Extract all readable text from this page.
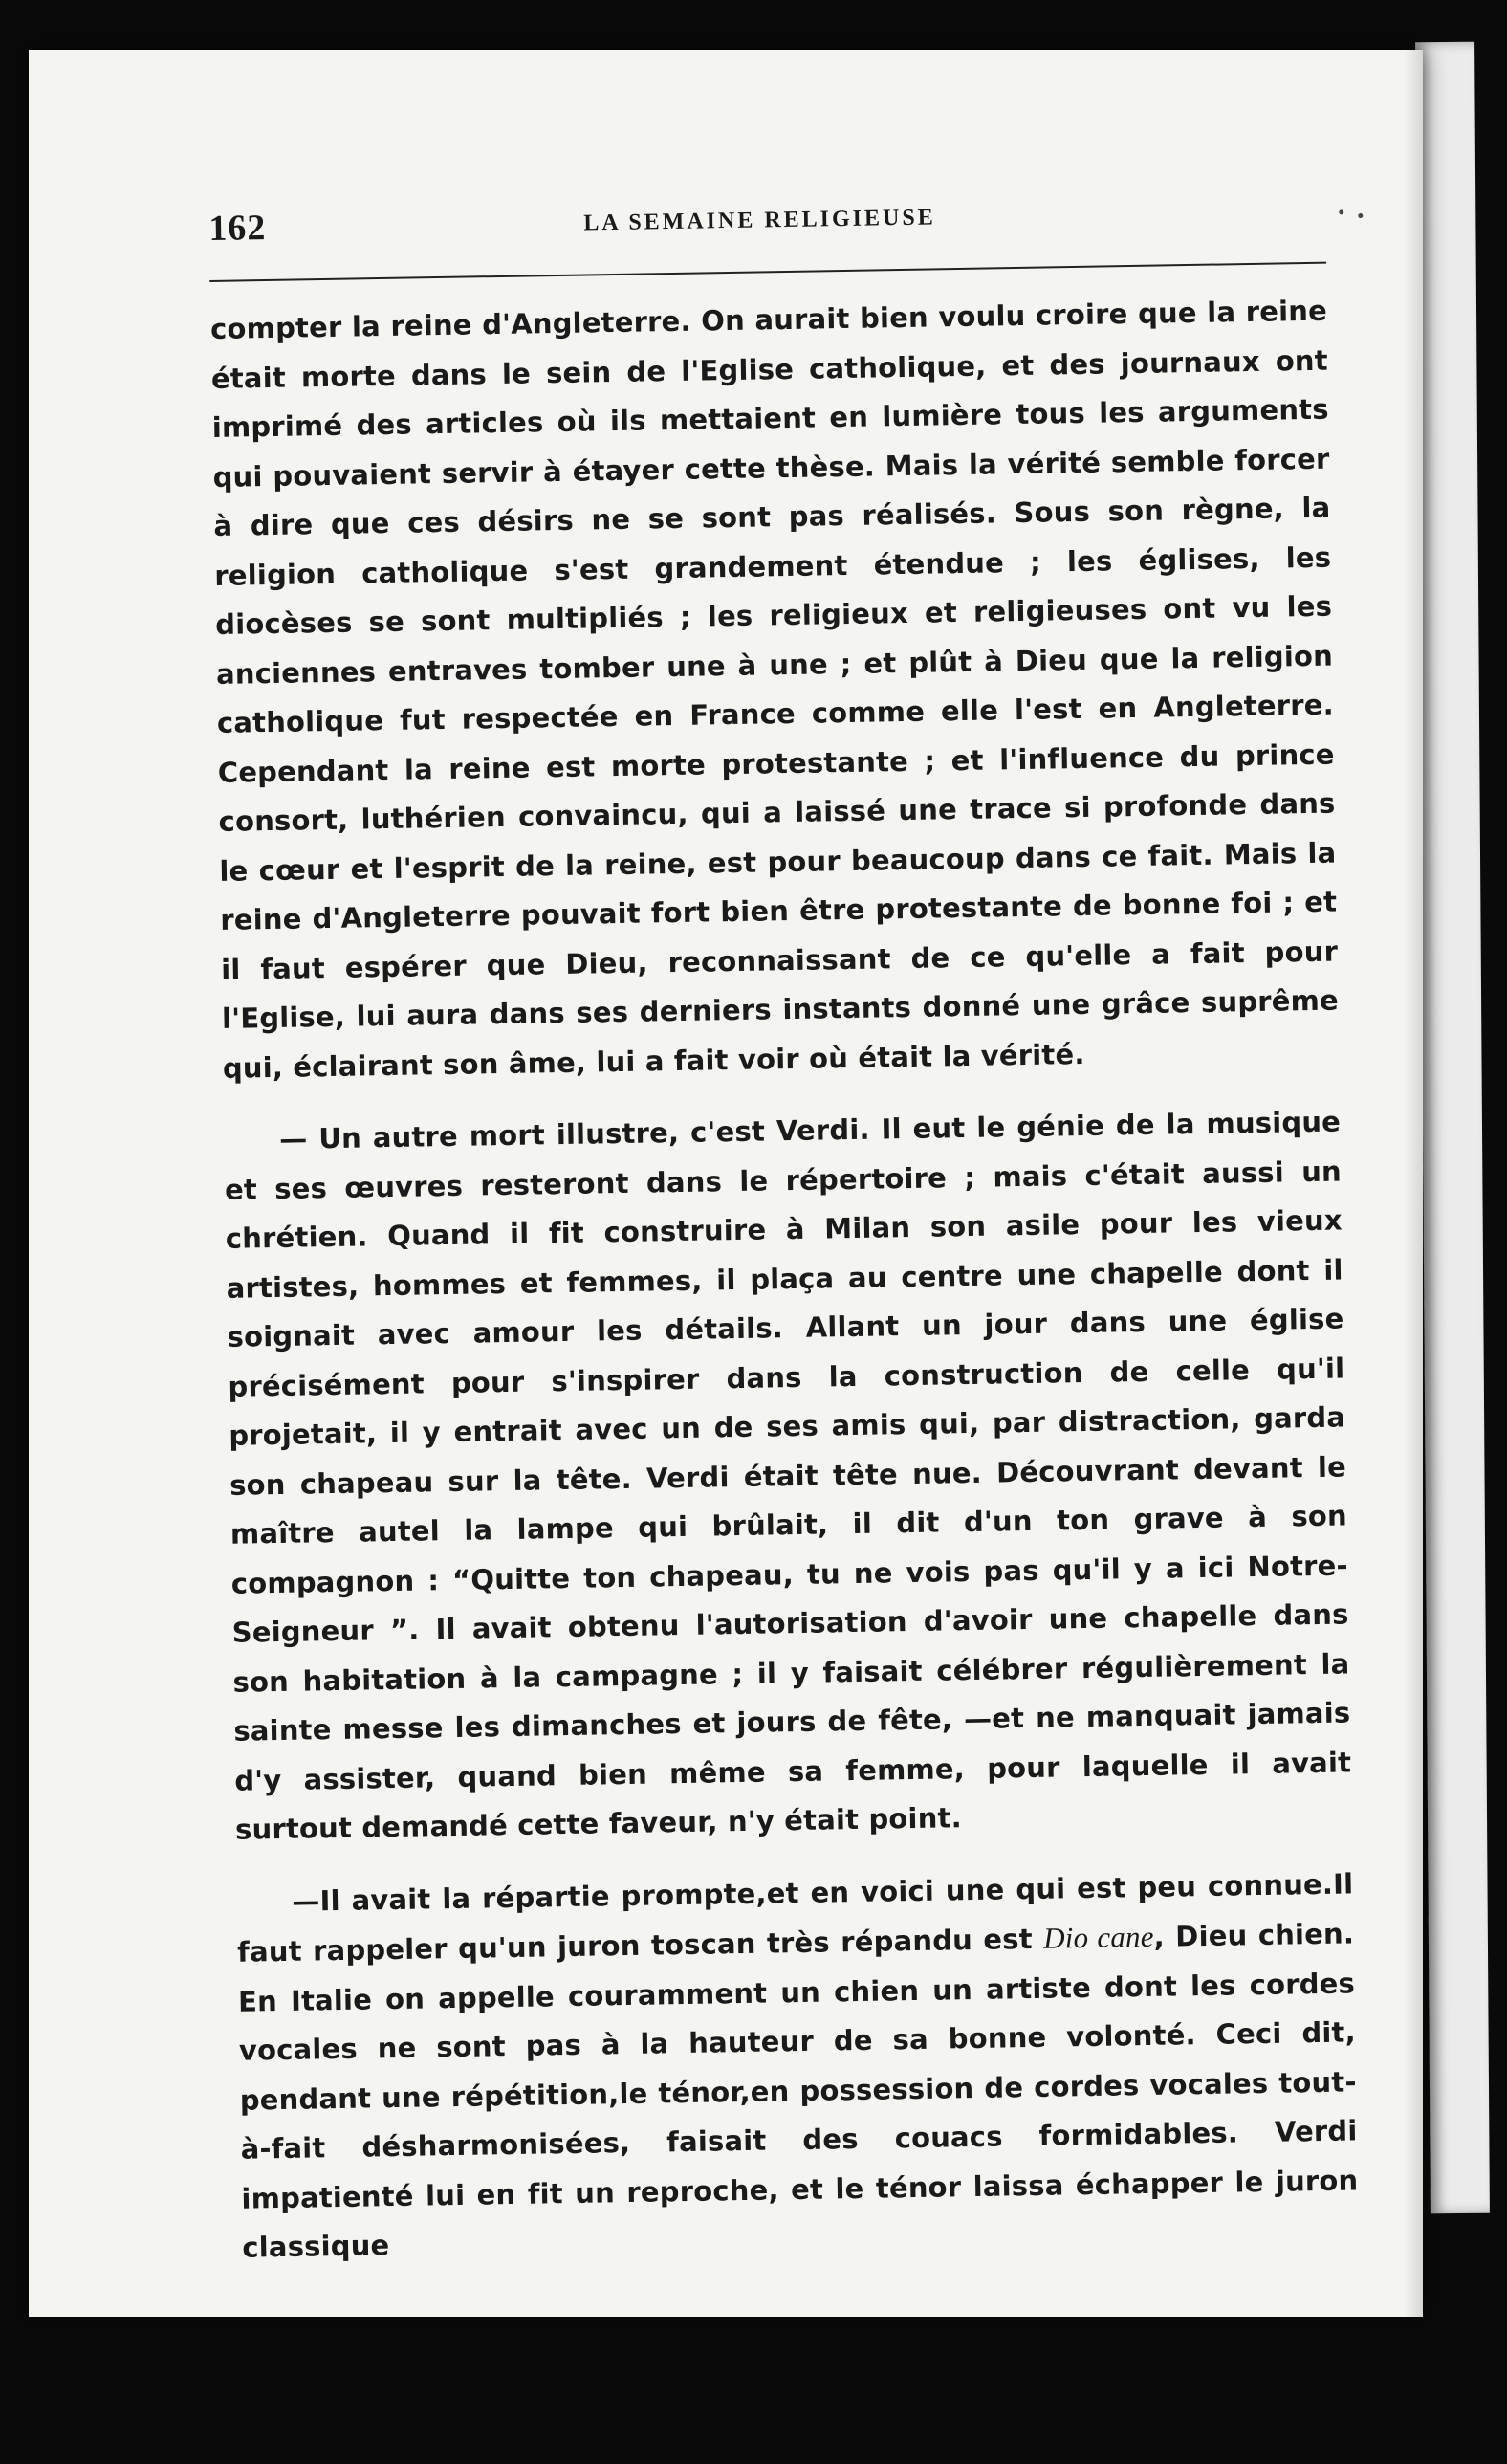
162	LA SEMAINE RELIGIEUSE

compter la reine d'Angleterre. On aurait bien voulu croire que la reine était morte dans le sein de l'Eglise catholique, et des journaux ont imprimé des articles où ils mettaient en lumière tous les arguments qui pouvaient servir à étayer cette thèse. Mais la vérité semble forcer à dire que ces désirs ne se sont pas réalisés. Sous son règne, la religion catholique s'est grandement étendue ; les églises, les diocèses se sont multipliés ; les religieux et religieuses ont vu les anciennes entraves tomber une à une ; et plût à Dieu que la religion catholique fut respectée en France comme elle l'est en Angleterre. Cependant la reine est morte protestante ; et l'influence du prince consort, luthérien convaincu, qui a laissé une trace si profonde dans le cœur et l'esprit de la reine, est pour beaucoup dans ce fait. Mais la reine d'Angleterre pouvait fort bien être protestante de bonne foi ; et il faut espérer que Dieu, reconnaissant de ce qu'elle a fait pour l'Eglise, lui aura dans ses derniers instants donné une grâce suprême qui, éclairant son âme, lui a fait voir où était la vérité.

— Un autre mort illustre, c'est Verdi. Il eut le génie de la musique et ses œuvres resteront dans le répertoire ; mais c'était aussi un chrétien. Quand il fit construire à Milan son asile pour les vieux artistes, hommes et femmes, il plaça au centre une chapelle dont il soignait avec amour les détails. Allant un jour dans une église précisément pour s'inspirer dans la construction de celle qu'il projetait, il y entrait avec un de ses amis qui, par distraction, garda son chapeau sur la tête. Verdi était tête nue. Découvrant devant le maître autel la lampe qui brûlait, il dit d'un ton grave à son compagnon : “Quitte ton chapeau, tu ne vois pas qu'il y a ici Notre-Seigneur ”. Il avait obtenu l'autorisation d'avoir une chapelle dans son habitation à la campagne ; il y faisait célébrer régulièrement la sainte messe les dimanches et jours de fête, —et ne manquait jamais d'y assister, quand bien même sa femme, pour laquelle il avait surtout demandé cette faveur, n'y était point.

—Il avait la répartie prompte,et en voici une qui est peu connue.Il faut rappeler qu'un juron toscan très répandu est Dio cane, Dieu chien. En Italie on appelle couramment un chien un artiste dont les cordes vocales ne sont pas à la hauteur de sa bonne volonté. Ceci dit, pendant une répétition,le ténor,en possession de cordes vocales tout-à-fait désharmonisées, faisait des couacs formidables. Verdi impatienté lui en fit un reproche, et le ténor laissa échapper le juron classique
